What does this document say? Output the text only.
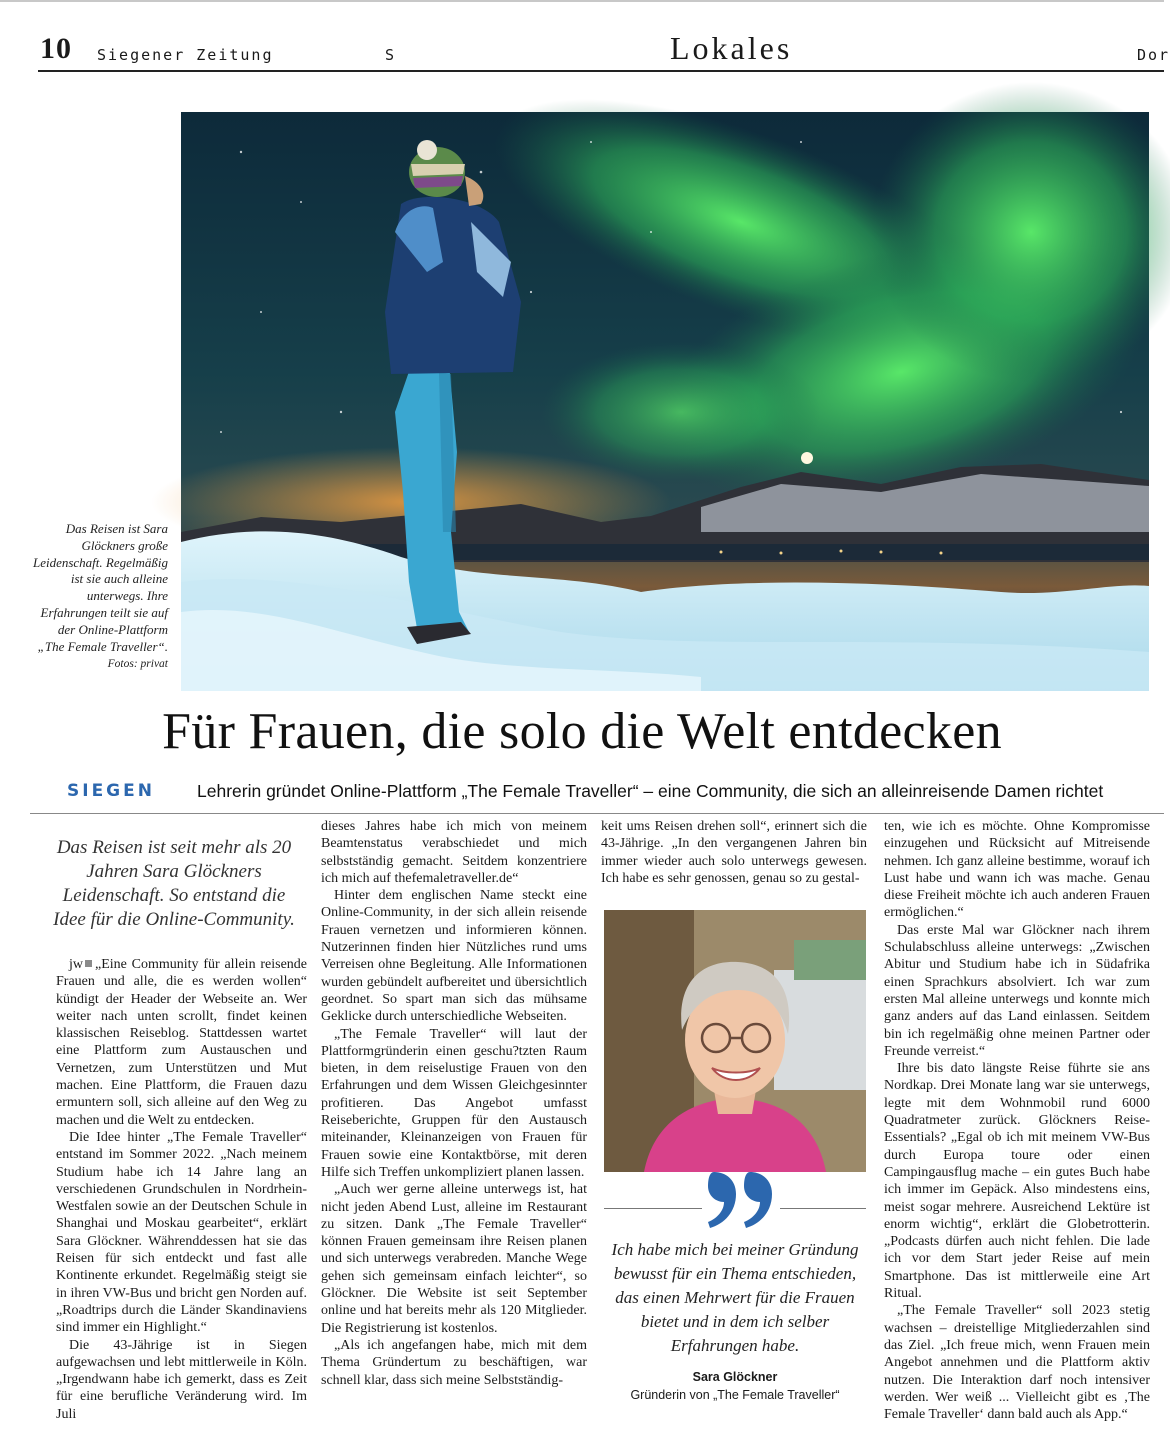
10 Siegener Zeitung	S	Lokales	Dor
Das Reisen ist Sara Glöckners große Leidenschaft. Regelmäßig ist sie auch alleine unterwegs. Ihre Erfahrungen teilt sie auf der Online-Plattform „The Female Traveller“.
Fotos: privat
Für Frauen, die solo die Welt entdecken
SIEGEN Lehrerin gründet Online-Plattform „The Female Traveller“ – eine Community, die sich an alleinreisende Damen richtet
Das Reisen ist seit mehr als 20 Jahren Sara Glöckners Leidenschaft. So entstand die Idee für die Online-Community.

jw „Eine Community für allein reisende Frauen und alle, die es werden wollen“ kündigt der Header der Webseite an. Wer weiter nach unten scrollt, findet keinen klassischen Reiseblog. Stattdessen wartet eine Plattform zum Austauschen und Vernetzen, zum Unterstützen und Mut machen. Eine Plattform, die Frauen dazu ermuntern soll, sich alleine auf den Weg zu machen und die Welt zu entdecken.

Die Idee hinter „The Female Traveller“ entstand im Sommer 2022. „Nach meinem Studium habe ich 14 Jahre lang an verschiedenen Grundschulen in Nordrhein-Westfalen sowie an der Deutschen Schule in Shanghai und Moskau gearbeitet“, erklärt Sara Glöckner. Währenddessen hat sie das Reisen für sich entdeckt und fast alle Kontinente erkundet. Regelmäßig steigt sie in ihren VW-Bus und bricht gen Norden auf. „Roadtrips durch die Länder Skandinaviens sind immer ein Highlight.“

Die 43-Jährige ist in Siegen aufgewachsen und lebt mittlerweile in Köln. „Irgendwann habe ich gemerkt, dass es Zeit für eine berufliche Veränderung wird. Im Juli

dieses Jahres habe ich mich von meinem Beamtenstatus verabschiedet und mich selbstständig gemacht. Seitdem konzentriere ich mich auf thefemaletraveller.de“

Hinter dem englischen Name steckt eine Online-Community, in der sich allein reisende Frauen vernetzen und informieren können. Nutzerinnen finden hier Nützliches rund ums Verreisen ohne Begleitung. Alle Informationen wurden gebündelt aufbereitet und übersichtlich geordnet. So spart man sich das mühsame Geklicke durch unterschiedliche Webseiten.

„The Female Traveller“ will laut der Plattformgründerin einen geschu?tzten Raum bieten, in dem reiselustige Frauen von den Erfahrungen und dem Wissen Gleichgesinnter profitieren. Das Angebot umfasst Reiseberichte, Gruppen für den Austausch miteinander, Kleinanzeigen von Frauen für Frauen sowie eine Kontaktbörse, mit deren Hilfe sich Treffen unkompliziert planen lassen.

„Auch wer gerne alleine unterwegs ist, hat nicht jeden Abend Lust, alleine im Restaurant zu sitzen. Dank „The Female Traveller“ können Frauen gemeinsam ihre Reisen planen und sich unterwegs verabreden. Manche Wege gehen sich gemeinsam einfach leichter“, so Glöckner. Die Website ist seit September online und hat bereits mehr als 120 Mitglieder. Die Registrierung ist kostenlos.

„Als ich angefangen habe, mich mit dem Thema Gründertum zu beschäftigen, war schnell klar, dass sich meine Selbstständig-

keit ums Reisen drehen soll“, erinnert sich die 43-Jährige. „In den vergangenen Jahren bin immer wieder auch solo unterwegs gewesen. Ich habe es sehr genossen, genau so zu gestal-

Ich habe mich bei meiner Gründung bewusst für ein Thema entschieden, das einen Mehrwert für die Frauen bietet und in dem ich selber Erfahrungen habe.
Sara Glöckner
Gründerin von „The Female Traveller“

ten, wie ich es möchte. Ohne Kompromisse einzugehen und Rücksicht auf Mitreisende nehmen. Ich ganz alleine bestimme, worauf ich Lust habe und wann ich was mache. Genau diese Freiheit möchte ich auch anderen Frauen ermöglichen.“

Das erste Mal war Glöckner nach ihrem Schulabschluss alleine unterwegs: „Zwischen Abitur und Studium habe ich in Südafrika einen Sprachkurs absolviert. Ich war zum ersten Mal alleine unterwegs und konnte mich ganz anders auf das Land einlassen. Seitdem bin ich regelmäßig ohne meinen Partner oder Freunde verreist.“

Ihre bis dato längste Reise führte sie ans Nordkap. Drei Monate lang war sie unterwegs, legte mit dem Wohnmobil rund 6000 Quadratmeter zurück. Glöckners Reise-Essentials? „Egal ob ich mit meinem VW-Bus durch Europa toure oder einen Campingausflug mache – ein gutes Buch habe ich immer im Gepäck. Also mindestens eins, meist sogar mehrere. Ausreichend Lektüre ist enorm wichtig“, erklärt die Globetrotterin. „Podcasts dürfen auch nicht fehlen. Die lade ich vor dem Start jeder Reise auf mein Smartphone. Das ist mittlerweile eine Art Ritual.

„The Female Traveller“ soll 2023 stetig wachsen – dreistellige Mitgliederzahlen sind das Ziel. „Ich freue mich, wenn Frauen mein Angebot annehmen und die Plattform aktiv nutzen. Die Interaktion darf noch intensiver werden. Wer weiß ... Vielleicht gibt es ‚The Female Traveller‘ dann bald auch als App.“
